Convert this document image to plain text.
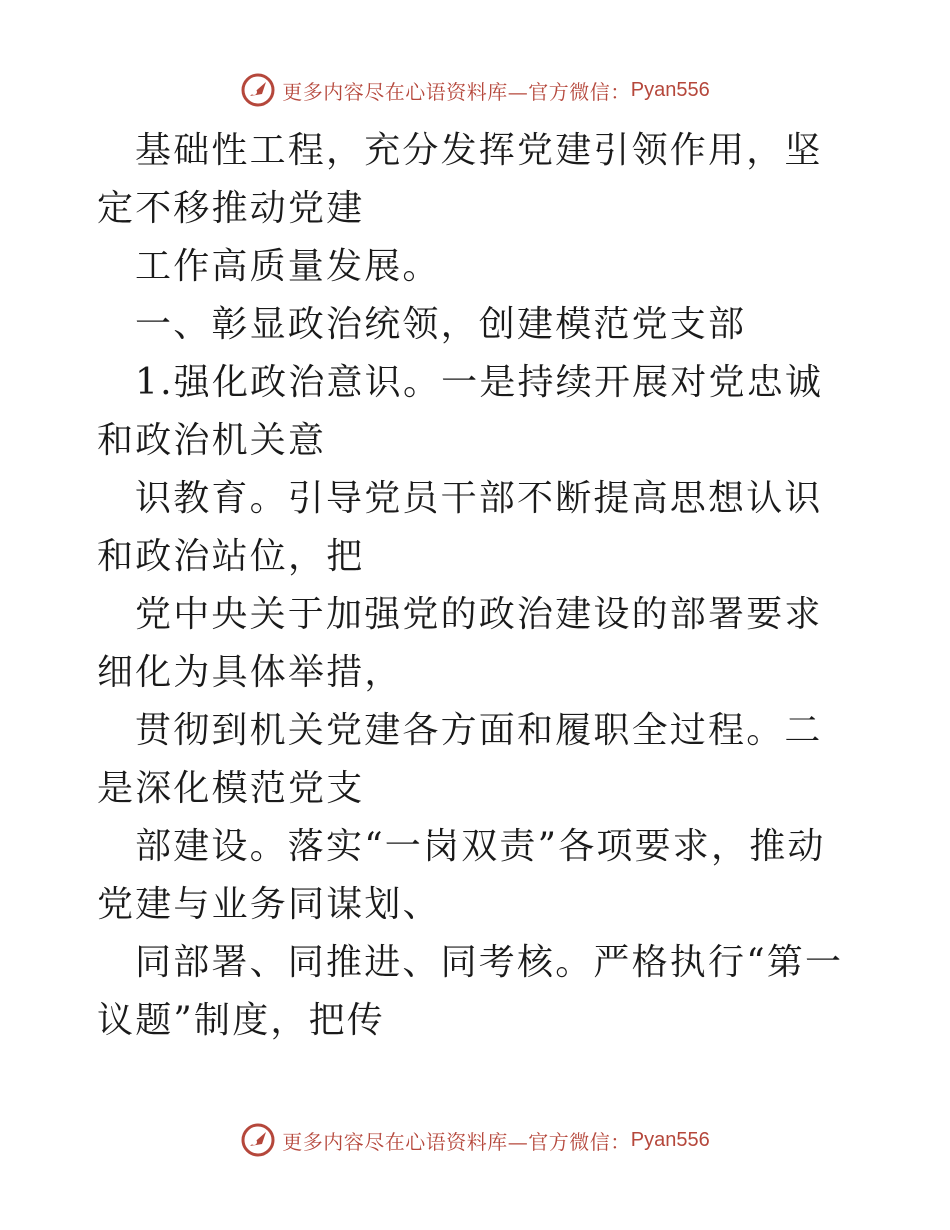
更多内容尽在心语资料库—官方微信： Pyan556

基础性工程，充分发挥党建引领作用，坚定不移推动党建

工作高质量发展。

一、彰显政治统领，创建模范党支部

1.强化政治意识。一是持续开展对党忠诚和政治机关意

识教育。引导党员干部不断提高思想认识和政治站位，把

党中央关于加强党的政治建设的部署要求细化为具体举措，

贯彻到机关党建各方面和履职全过程。二是深化模范党支

部建设。落实“一岗双责”各项要求，推动党建与业务同谋划、

同部署、同推进、同考核。严格执行“第一议题”制度，把传

更多内容尽在心语资料库—官方微信： Pyan556
